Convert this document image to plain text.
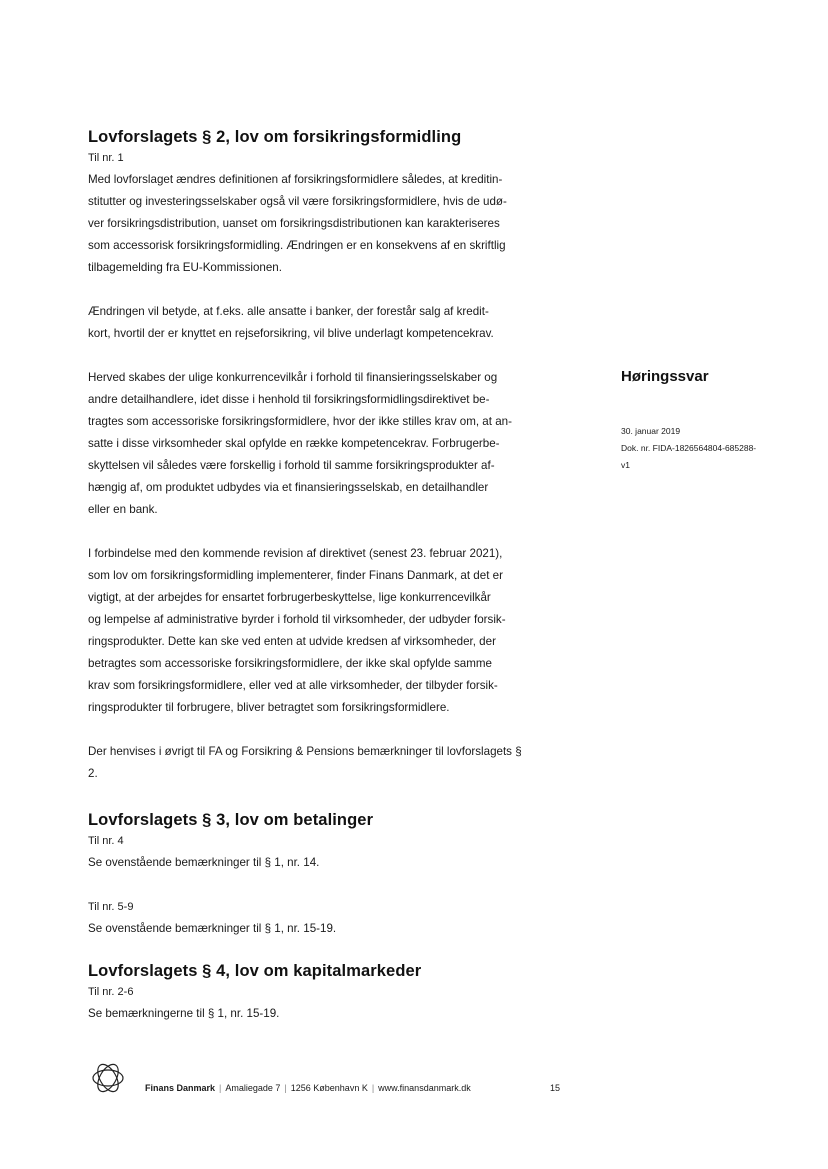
Lovforslagets § 2, lov om forsikringsformidling
Til nr. 1
Med lovforslaget ændres definitionen af forsikringsformidlere således, at kreditin-
stitutter og investeringsselskaber også vil være forsikringsformidlere, hvis de udø-
ver forsikringsdistribution, uanset om forsikringsdistributionen kan karakteriseres
som accessorisk forsikringsformidling. Ændringen er en konsekvens af en skriftlig
tilbagemelding fra EU-Kommissionen.
Ændringen vil betyde, at f.eks. alle ansatte i banker, der forestår salg af kredit-
kort, hvortil der er knyttet en rejseforsikring, vil blive underlagt kompetencekrav.
Herved skabes der ulige konkurrencevilkår i forhold til finansieringsselskaber og
andre detailhandlere, idet disse i henhold til forsikringsformidlingsdirektivet be-
tragtes som accessoriske forsikringsformidlere, hvor der ikke stilles krav om, at an-
satte i disse virksomheder skal opfylde en række kompetencekrav. Forbrugerbe-
skyttelsen vil således være forskellig i forhold til samme forsikringsprodukter af-
hængig af, om produktet udbydes via et finansieringsselskab, en detailhandler
eller en bank.
I forbindelse med den kommende revision af direktivet (senest 23. februar 2021),
som lov om forsikringsformidling implementerer, finder Finans Danmark, at det er
vigtigt, at der arbejdes for ensartet forbrugerbeskyttelse, lige konkurrencevilkår
og lempelse af administrative byrder i forhold til virksomheder, der udbyder forsik-
ringsprodukter. Dette kan ske ved enten at udvide kredsen af virksomheder, der
betragtes som accessoriske forsikringsformidlere, der ikke skal opfylde samme
krav som forsikringsformidlere, eller ved at alle virksomheder, der tilbyder forsik-
ringsprodukter til forbrugere, bliver betragtet som forsikringsformidlere.
Der henvises i øvrigt til FA og Forsikring & Pensions bemærkninger til lovforslagets §
2.
Lovforslagets § 3, lov om betalinger
Til nr. 4
Se ovenstående bemærkninger til § 1, nr. 14.
Til nr. 5-9
Se ovenstående bemærkninger til § 1, nr. 15-19.
Lovforslagets § 4, lov om kapitalmarkeder
Til nr. 2-6
Se bemærkningerne til § 1, nr. 15-19.
Høringssvar
30. januar 2019
Dok. nr. FIDA-1826564804-685288-
v1
Finans Danmark | Amaliegade 7 | 1256 København K | www.finansdanmark.dk	15
